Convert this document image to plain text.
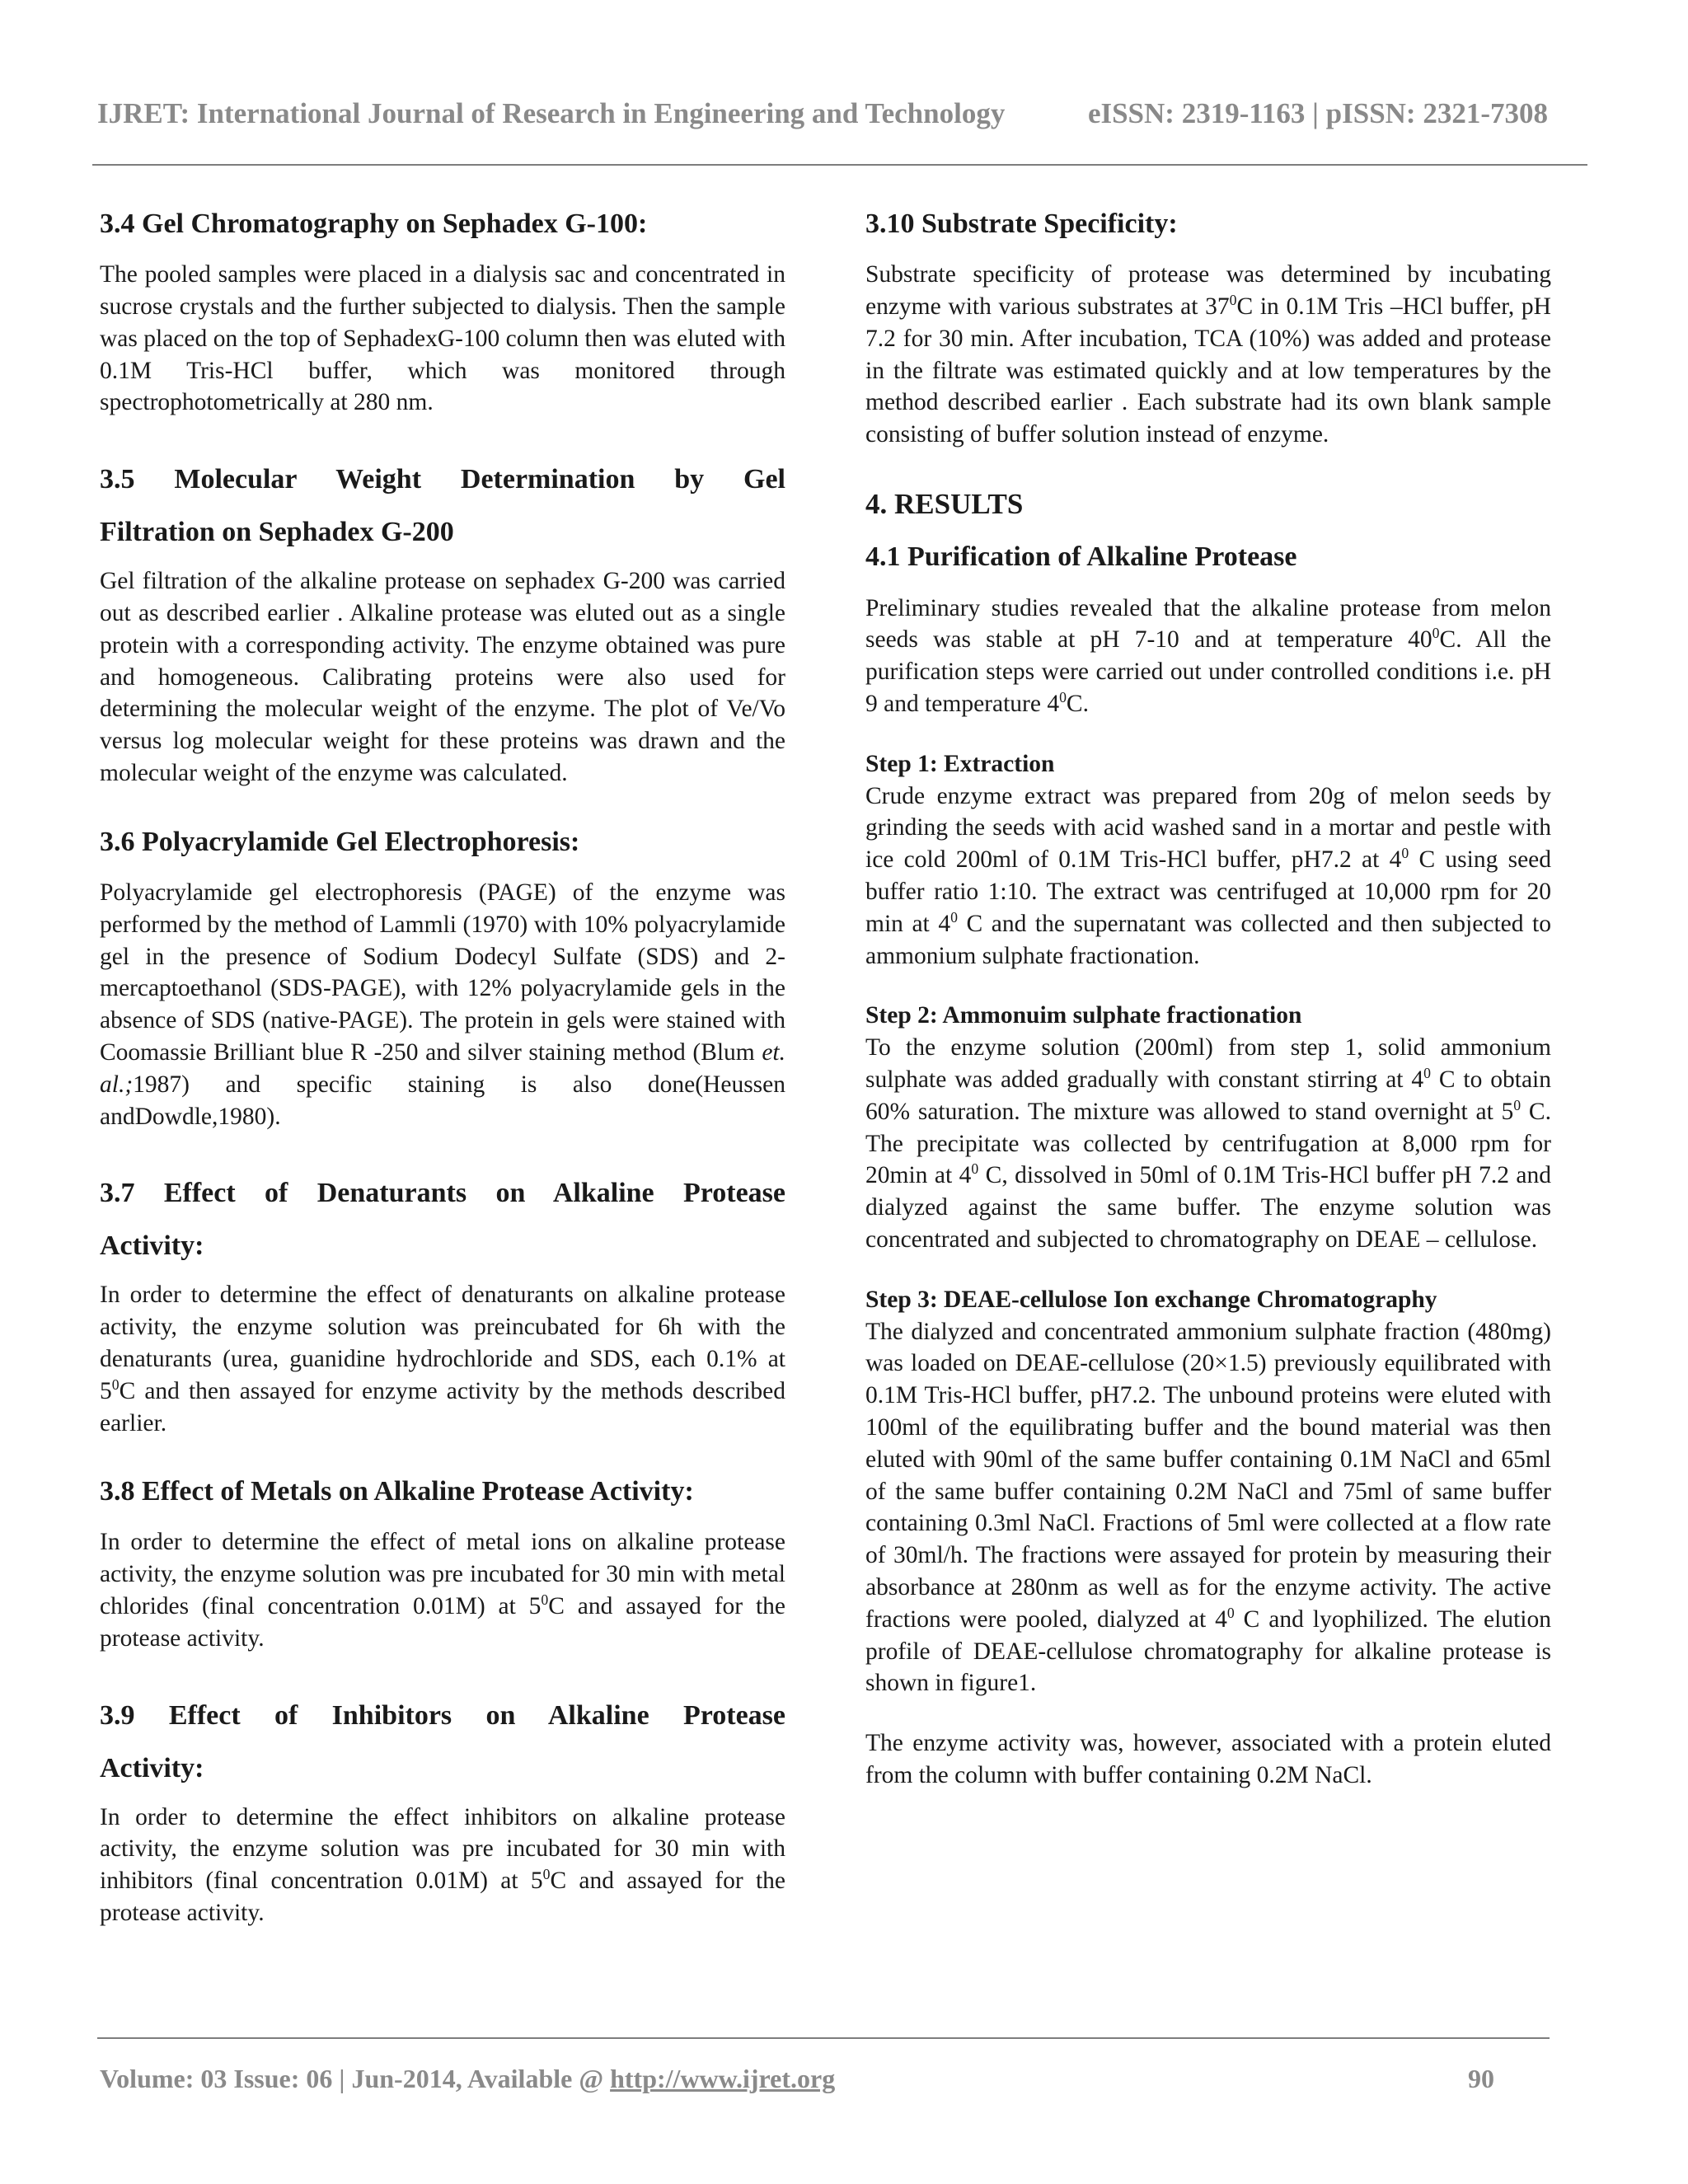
IJRET: International Journal of Research in Engineering and Technology	eISSN: 2319-1163 | pISSN: 2321-7308
3.4 Gel Chromatography on Sephadex G-100:

The pooled samples were placed in a dialysis sac and concentrated in sucrose crystals and the further subjected to dialysis. Then the sample was placed on the top of SephadexG-100 column then was eluted with 0.1M Tris-HCl buffer, which was monitored through spectrophotometrically at 280 nm.

3.5 Molecular Weight Determination by Gel
Filtration on Sephadex G-200

Gel filtration of the alkaline protease on sephadex G-200 was carried out as described earlier . Alkaline protease was eluted out as a single protein with a corresponding activity. The enzyme obtained was pure and homogeneous. Calibrating proteins were also used for determining the molecular weight of the enzyme. The plot of Ve/Vo versus log molecular weight for these proteins was drawn and the molecular weight of the enzyme was calculated.

3.6 Polyacrylamide Gel Electrophoresis:

Polyacrylamide gel electrophoresis (PAGE) of the enzyme was performed by the method of Lammli (1970) with 10% polyacrylamide gel in the presence of Sodium Dodecyl Sulfate (SDS) and 2- mercaptoethanol (SDS-PAGE), with 12% polyacrylamide gels in the absence of SDS (native-PAGE). The protein in gels were stained with Coomassie Brilliant blue R -250 and silver staining method (Blum et. al.;1987) and specific staining is also done(Heussen andDowdle,1980).

3.7 Effect of Denaturants on Alkaline Protease
Activity:

In order to determine the effect of denaturants on alkaline protease activity, the enzyme solution was preincubated for 6h with the denaturants (urea, guanidine hydrochloride and SDS, each 0.1% at $5^0C$ and then assayed for enzyme activity by the methods described earlier.

3.8 Effect of Metals on Alkaline Protease Activity:

In order to determine the effect of metal ions on alkaline protease activity, the enzyme solution was pre incubated for 30 min with metal chlorides (final concentration 0.01M) at $5^0C$ and assayed for the protease activity.

3.9 Effect of Inhibitors on Alkaline Protease
Activity:

In order to determine the effect inhibitors on alkaline protease activity, the enzyme solution was pre incubated for 30 min with inhibitors (final concentration 0.01M) at $5^0C$ and assayed for the protease activity.

3.10 Substrate Specificity:

Substrate specificity of protease was determined by incubating enzyme with various substrates at $37^0C$ in 0.1M Tris –HCl buffer, pH 7.2 for 30 min. After incubation, TCA (10%) was added and protease in the filtrate was estimated quickly and at low temperatures by the method described earlier . Each substrate had its own blank sample consisting of buffer solution instead of enzyme.

4. RESULTS
4.1 Purification of Alkaline Protease

Preliminary studies revealed that the alkaline protease from melon seeds was stable at pH 7-10 and at temperature $40^0C$. All the purification steps were carried out under controlled conditions i.e. pH 9 and temperature $4^0C$.

Step 1: Extraction

Crude enzyme extract was prepared from 20g of melon seeds by grinding the seeds with acid washed sand in a mortar and pestle with ice cold 200ml of 0.1M Tris-HCl buffer, pH7.2 at $4^0$ C using seed buffer ratio 1:10. The extract was centrifuged at 10,000 rpm for 20 min at $4^0$ C and the supernatant was collected and then subjected to ammonium sulphate fractionation.

Step 2: Ammonuim sulphate fractionation

To the enzyme solution (200ml) from step 1, solid ammonium sulphate was added gradually with constant stirring at $4^0$ C to obtain 60% saturation. The mixture was allowed to stand overnight at $5^0$ C. The precipitate was collected by centrifugation at 8,000 rpm for 20min at $4^0$ C, dissolved in 50ml of 0.1M Tris-HCl buffer pH 7.2 and dialyzed against the same buffer. The enzyme solution was concentrated and subjected to chromatography on DEAE – cellulose.

Step 3: DEAE-cellulose Ion exchange Chromatography

The dialyzed and concentrated ammonium sulphate fraction (480mg) was loaded on DEAE-cellulose (20×1.5) previously equilibrated with 0.1M Tris-HCl buffer, pH7.2. The unbound proteins were eluted with 100ml of the equilibrating buffer and the bound material was then eluted with 90ml of the same buffer containing 0.1M NaCl and 65ml of the same buffer containing 0.2M NaCl and 75ml of same buffer containing 0.3ml NaCl. Fractions of 5ml were collected at a flow rate of 30ml/h. The fractions were assayed for protein by measuring their absorbance at 280nm as well as for the enzyme activity. The active fractions were pooled, dialyzed at $4^0$ C and lyophilized. The elution profile of DEAE-cellulose chromatography for alkaline protease is shown in figure1.

The enzyme activity was, however, associated with a protein eluted from the column with buffer containing 0.2M NaCl.

Volume: 03 Issue: 06 | Jun-2014, Available @ http://www.ijret.org	90
